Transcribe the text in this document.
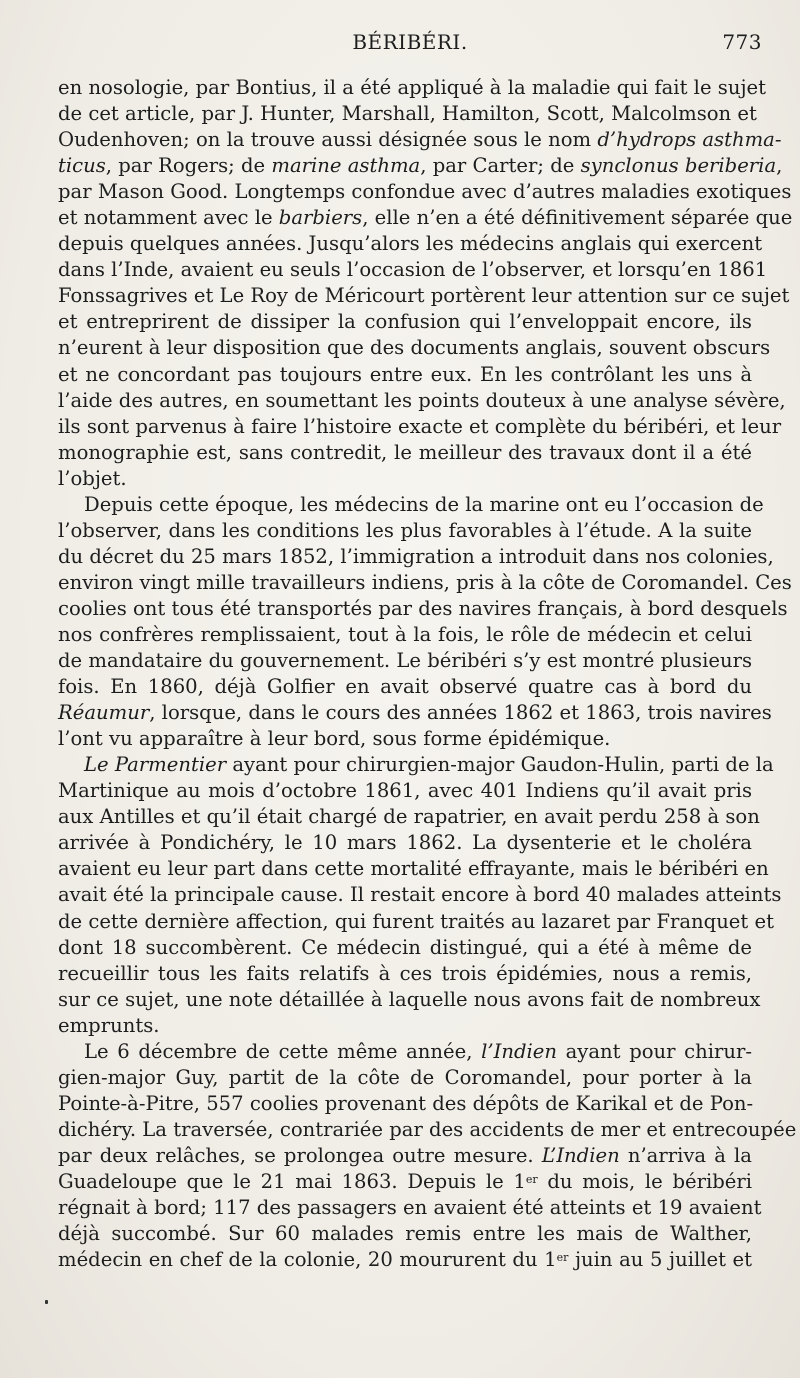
BÉRIBÉRI.	773
en nosologie, par Bontius, il a été appliqué à la maladie qui fait le sujet
de cet article, par J. Hunter, Marshall, Hamilton, Scott, Malcolmson et
Oudenhoven; on la trouve aussi désignée sous le nom d’hydrops asthma-
ticus, par Rogers; de marine asthma, par Carter; de synclonus beriberia,
par Mason Good. Longtemps confondue avec d’autres maladies exotiques
et notamment avec le barbiers, elle n’en a été définitivement séparée que
depuis quelques années. Jusqu’alors les médecins anglais qui exercent
dans l’Inde, avaient eu seuls l’occasion de l’observer, et lorsqu’en 1861
Fonssagrives et Le Roy de Méricourt portèrent leur attention sur ce sujet
et entreprirent de dissiper la confusion qui l’enveloppait encore, ils
n’eurent à leur disposition que des documents anglais, souvent obscurs
et ne concordant pas toujours entre eux. En les contrôlant les uns à
l’aide des autres, en soumettant les points douteux à une analyse sévère,
ils sont parvenus à faire l’histoire exacte et complète du béribéri, et leur
monographie est, sans contredit, le meilleur des travaux dont il a été
l’objet.
Depuis cette époque, les médecins de la marine ont eu l’occasion de
l’observer, dans les conditions les plus favorables à l’étude. A la suite
du décret du 25 mars 1852, l’immigration a introduit dans nos colonies,
environ vingt mille travailleurs indiens, pris à la côte de Coromandel. Ces
coolies ont tous été transportés par des navires français, à bord desquels
nos confrères remplissaient, tout à la fois, le rôle de médecin et celui
de mandataire du gouvernement. Le béribéri s’y est montré plusieurs
fois. En 1860, déjà Golfier en avait observé quatre cas à bord du
Réaumur, lorsque, dans le cours des années 1862 et 1863, trois navires
l’ont vu apparaître à leur bord, sous forme épidémique.
Le Parmentier ayant pour chirurgien-major Gaudon-Hulin, parti de la
Martinique au mois d’octobre 1861, avec 401 Indiens qu’il avait pris
aux Antilles et qu’il était chargé de rapatrier, en avait perdu 258 à son
arrivée à Pondichéry, le 10 mars 1862. La dysenterie et le choléra
avaient eu leur part dans cette mortalité effrayante, mais le béribéri en
avait été la principale cause. Il restait encore à bord 40 malades atteints
de cette dernière affection, qui furent traités au lazaret par Franquet et
dont 18 succombèrent. Ce médecin distingué, qui a été à même de
recueillir tous les faits relatifs à ces trois épidémies, nous a remis,
sur ce sujet, une note détaillée à laquelle nous avons fait de nombreux
emprunts.
Le 6 décembre de cette même année, l’Indien ayant pour chirur-
gien-major Guy, partit de la côte de Coromandel, pour porter à la
Pointe-à-Pitre, 557 coolies provenant des dépôts de Karikal et de Pon-
dichéry. La traversée, contrariée par des accidents de mer et entrecoupée
par deux relâches, se prolongea outre mesure. L’Indien n’arriva à la
Guadeloupe que le 21 mai 1863. Depuis le 1er du mois, le béribéri
régnait à bord; 117 des passagers en avaient été atteints et 19 avaient
déjà succombé. Sur 60 malades remis entre les mais de Walther,
médecin en chef de la colonie, 20 moururent du 1er juin au 5 juillet et
